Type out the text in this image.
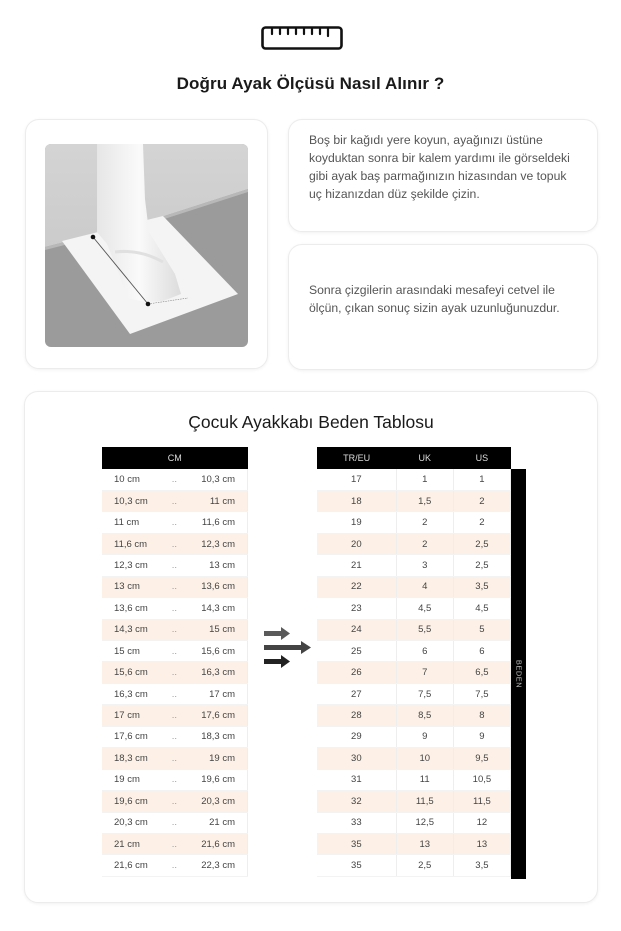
Doğru Ayak Ölçüsü Nasıl Alınır ?

Boş bir kağıdı yere koyun, ayağınızı üstüne koyduktan sonra bir kalem yardımı ile görseldeki gibi ayak baş parmağınızın hizasından ve topuk uç hizanızdan düz şekilde çizin.

Sonra çizgilerin arasındaki mesafeyi cetvel ile ölçün, çıkan sonuç sizin ayak uzunluğunuzdur.

Çocuk Ayakkabı Beden Tablosu
CM		
10 cm	..	10,3 cm
10,3 cm	..	11 cm
11 cm	..	11,6 cm
11,6 cm	..	12,3 cm
12,3 cm	..	13 cm
13 cm	..	13,6 cm
13,6 cm	..	14,3 cm
14,3 cm	..	15 cm
15 cm	..	15,6 cm
15,6 cm	..	16,3 cm
16,3 cm	..	17 cm
17 cm	..	17,6 cm
17,6 cm	..	18,3 cm
18,3 cm	..	19 cm
19 cm	..	19,6 cm
19,6 cm	..	20,3 cm
20,3 cm	..	21 cm
21 cm	..	21,6 cm
21,6 cm	..	22,3 cm
TR/EU	UK	US
17	1	1
18	1,5	2
19	2	2
20	2	2,5
21	3	2,5
22	4	3,5
23	4,5	4,5
24	5,5	5
25	6	6
26	7	6,5
27	7,5	7,5
28	8,5	8
29	9	9
30	10	9,5
31	11	10,5
32	11,5	11,5
33	12,5	12
35	13	13
35	2,5	3,5
BEDEN
